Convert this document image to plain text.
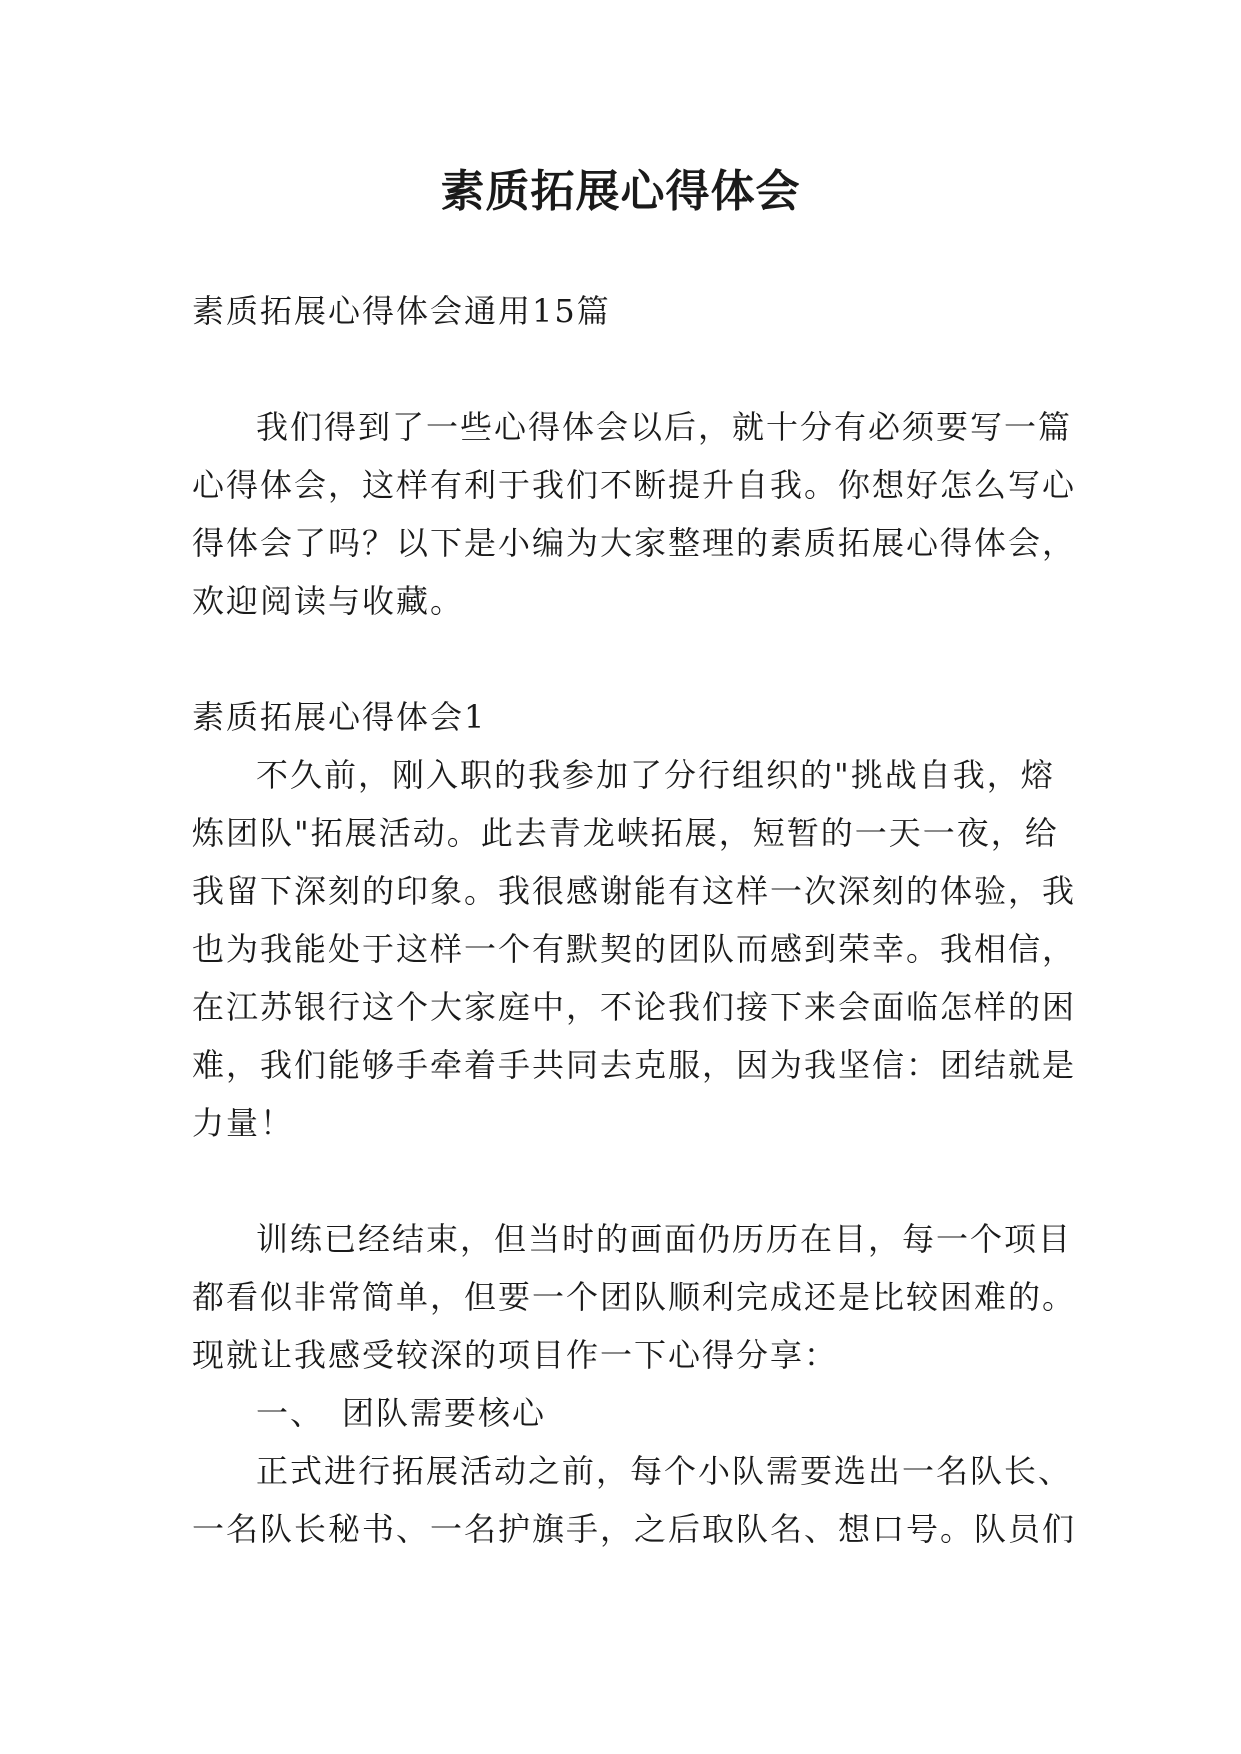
素质拓展心得体会
素质拓展心得体会通用15篇
我们得到了一些心得体会以后，就十分有必须要写一篇
心得体会，这样有利于我们不断提升自我。你想好怎么写心
得体会了吗？以下是小编为大家整理的素质拓展心得体会，
欢迎阅读与收藏。
素质拓展心得体会1
不久前，刚入职的我参加了分行组织的"挑战自我，熔
炼团队"拓展活动。此去青龙峡拓展，短暂的一天一夜，给
我留下深刻的印象。我很感谢能有这样一次深刻的体验，我
也为我能处于这样一个有默契的团队而感到荣幸。我相信，
在江苏银行这个大家庭中，不论我们接下来会面临怎样的困
难，我们能够手牵着手共同去克服，因为我坚信：团结就是
力量！
训练已经结束，但当时的画面仍历历在目，每一个项目
都看似非常简单，但要一个团队顺利完成还是比较困难的。
现就让我感受较深的项目作一下心得分享：
一、　团队需要核心
正式进行拓展活动之前，每个小队需要选出一名队长、
一名队长秘书、一名护旗手，之后取队名、想口号。队员们
